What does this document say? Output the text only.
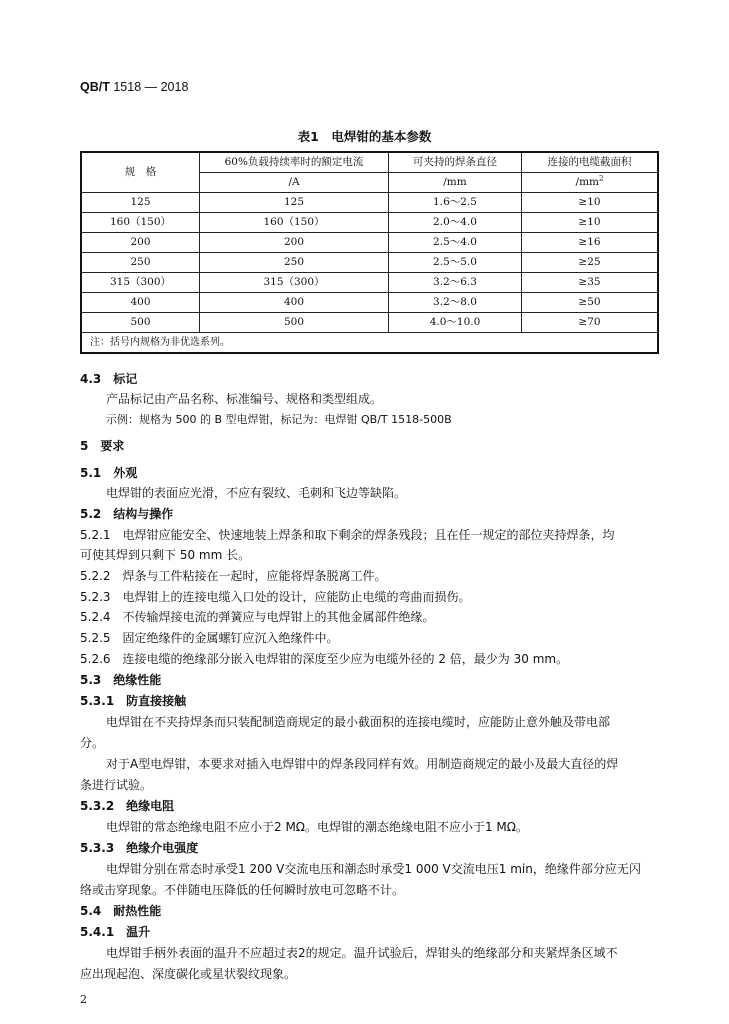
QB/T 1518 — 2018
表1　电焊钳的基本参数
规　格	60%负载持续率时的额定电流	可夹持的焊条直径	连接的电缆截面积
	/A	/mm	$/mm^2$
125	125	1.6～2.5	≥10
160（150）	160（150）	2.0～4.0	≥10
200	200	2.5～4.0	≥16
250	250	2.5～5.0	≥25
315（300）	315（300）	3.2～6.3	≥35
400	400	3.2～8.0	≥50
500	500	4.0～10.0	≥70
注：括号内规格为非优选系列。			
4.3　标记
产品标记由产品名称、标准编号、规格和类型组成。
示例：规格为 500 的 B 型电焊钳，标记为：电焊钳 QB/T 1518-500B
5　要求
5.1　外观
电焊钳的表面应光滑，不应有裂纹、毛刺和飞边等缺陷。
5.2　结构与操作
5.2.1　电焊钳应能安全、快速地装上焊条和取下剩余的焊条残段；且在任一规定的部位夹持焊条，均
可使其焊到只剩下 50 mm 长。
5.2.2　焊条与工件粘接在一起时，应能将焊条脱离工件。
5.2.3　电焊钳上的连接电缆入口处的设计，应能防止电缆的弯曲而损伤。
5.2.4　不传输焊接电流的弹簧应与电焊钳上的其他金属部件绝缘。
5.2.5　固定绝缘件的金属螺钉应沉入绝缘件中。
5.2.6　连接电缆的绝缘部分嵌入电焊钳的深度至少应为电缆外径的 2 倍，最少为 30 mm。
5.3　绝缘性能
5.3.1　防直接接触
电焊钳在不夹持焊条而只装配制造商规定的最小截面积的连接电缆时，应能防止意外触及带电部
分。
对于A型电焊钳，本要求对插入电焊钳中的焊条段同样有效。用制造商规定的最小及最大直径的焊
条进行试验。
5.3.2　绝缘电阻
电焊钳的常态绝缘电阻不应小于2 MΩ。电焊钳的潮态绝缘电阻不应小于1 MΩ。
5.3.3　绝缘介电强度
电焊钳分别在常态时承受1 200 V交流电压和潮态时承受1 000 V交流电压1 min，绝缘件部分应无闪
络或击穿现象。不伴随电压降低的任何瞬时放电可忽略不计。
5.4　耐热性能
5.4.1　温升
电焊钳手柄外表面的温升不应超过表2的规定。温升试验后，焊钳头的绝缘部分和夹紧焊条区域不
应出现起泡、深度碳化或星状裂纹现象。
2
